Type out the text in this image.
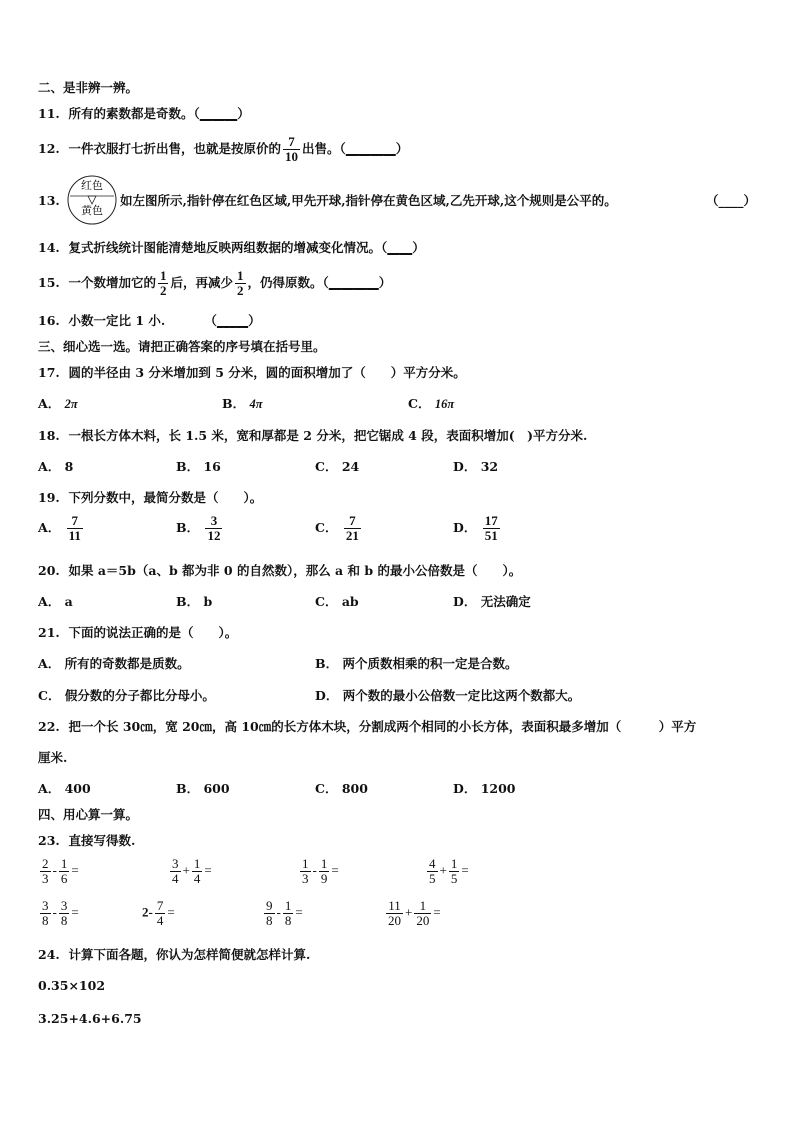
二、是非辨一辨。
11. 所有的素数都是奇数。（______）
12. 一件衣服打七折出售，也就是按原价的 $\frac{7}{10}$ 出售。（________）
13.
红色
黄色
如左图所示,指针停在红色区域,甲先开球,指针停在黄色区域,乙先开球,这个规则是公平的。	（____）
14. 复式折线统计图能清楚地反映两组数据的增减变化情况。（____）
15. 一个数增加它的 $\frac{1}{2}$ 后，再减少 $\frac{1}{2}$ ，仍得原数。（________）
16. 小数一定比 1 小.	（_____）
三、细心选一选。请把正确答案的序号填在括号里。
17. 圆的半径由 3 分米增加到 5 分米，圆的面积增加了（　　）平方分米。
A． 2π	B． 4π	C． 16π
18. 一根长方体木料，长 1.5 米，宽和厚都是 2 分米，把它锯成 4 段，表面积增加(　)平方分米.
A． 8	B． 16	C． 24	D． 32
19. 下列分数中，最简分数是（　　）。
A． $\frac{7}{11}$	B． $\frac{3}{12}$	C． $\frac{7}{21}$	D． $\frac{17}{51}$
20. 如果 a＝5b（a、b 都为非 0 的自然数），那么 a 和 b 的最小公倍数是（　　）。
A． a	B． b	C． ab	D． 无法确定
21. 下面的说法正确的是（　　）。
A． 所有的奇数都是质数。	B． 两个质数相乘的积一定是合数。
C． 假分数的分子都比分母小。	D． 两个数的最小公倍数一定比这两个数都大。
22. 把一个长 30㎝，宽 20㎝，高 10㎝的长方体木块，分割成两个相同的小长方体，表面积最多增加（　　　）平方
厘米.
A． 400	B． 600	C． 800	D． 1200
四、用心算一算。
23. 直接写得数.
$\frac{2}{3} - \frac{1}{6}$ =	$\frac{3}{4} + \frac{1}{4}$ =	$\frac{1}{3} - \frac{1}{9}$ =	$\frac{4}{5} + \frac{1}{5}$ =
$\frac{3}{8} - \frac{3}{8}$ =	$2- \frac{7}{4}$ =	$\frac{9}{8} - \frac{1}{8}$ =	$\frac{11}{20} + \frac{1}{20}$ =
24. 计算下面各题，你认为怎样简便就怎样计算.
0.35×102
3.25+4.6+6.75
